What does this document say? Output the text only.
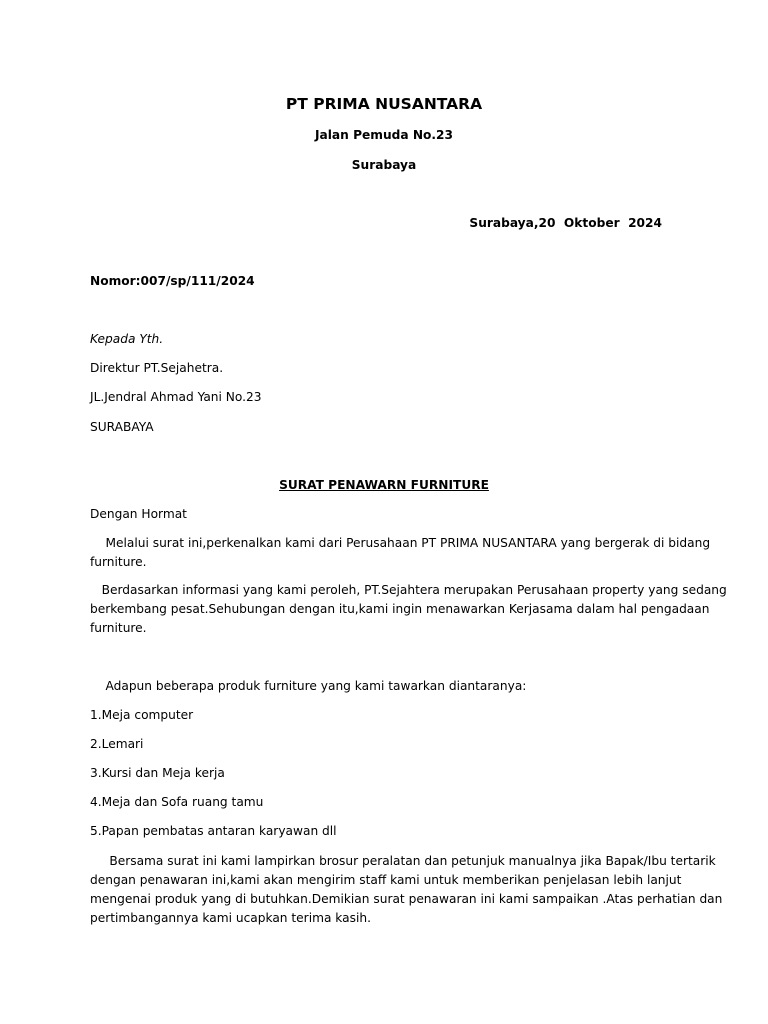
PT PRIMA NUSANTARA
Jalan Pemuda No.23
Surabaya
Surabaya,20  Oktober  2024
Nomor:007/sp/111/2024
Kepada Yth.
Direktur PT.Sejahetra.
JL.Jendral Ahmad Yani No.23
SURABAYA
SURAT PENAWARN FURNITURE
Dengan Hormat
Melalui surat ini,perkenalkan kami dari Perusahaan PT PRIMA NUSANTARA yang bergerak di bidang
furniture.
Berdasarkan informasi yang kami peroleh, PT.Sejahtera merupakan Perusahaan property yang sedang
berkembang pesat.Sehubungan dengan itu,kami ingin menawarkan Kerjasama dalam hal pengadaan
furniture.
Adapun beberapa produk furniture yang kami tawarkan diantaranya:
1.Meja computer
2.Lemari
3.Kursi dan Meja kerja
4.Meja dan Sofa ruang tamu
5.Papan pembatas antaran karyawan dll
Bersama surat ini kami lampirkan brosur peralatan dan petunjuk manualnya jika Bapak/Ibu tertarik
dengan penawaran ini,kami akan mengirim staff kami untuk memberikan penjelasan lebih lanjut
mengenai produk yang di butuhkan.Demikian surat penawaran ini kami sampaikan .Atas perhatian dan
pertimbangannya kami ucapkan terima kasih.
